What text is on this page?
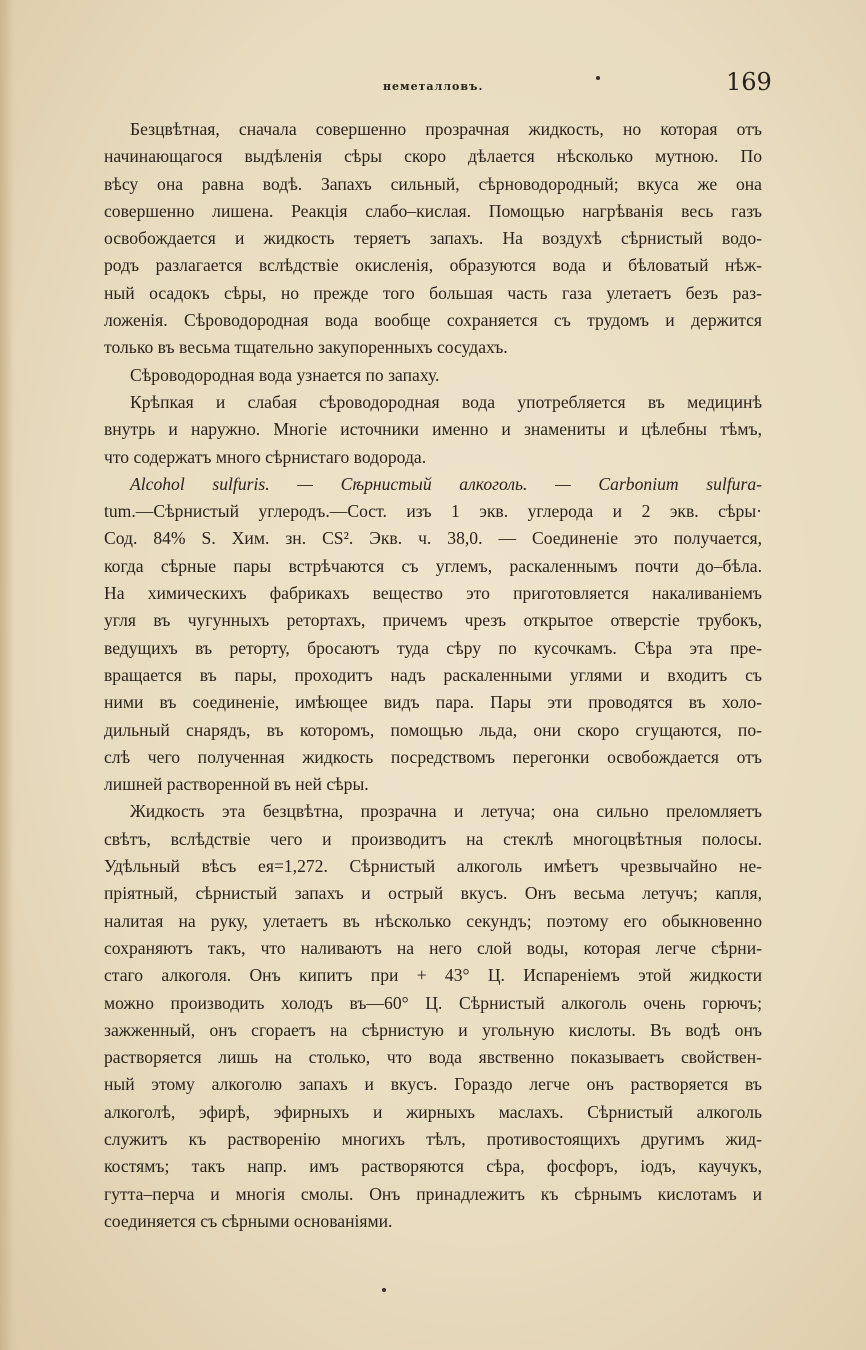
неметалловъ.	169
Безцвѣтная, сначала совершенно прозрачная жидкость, но которая отъ
начинающагося выдѣленія сѣры скоро дѣлается нѣсколько мутною. По
вѣсу она равна водѣ. Запахъ сильный, сѣрноводородный; вкуса же она
совершенно лишена. Реакція слабо–кислая. Помощью нагрѣванія весь газъ
освобождается и жидкость теряетъ запахъ. На воздухѣ сѣрнистый водо-
родъ разлагается вслѣдствіе окисленія, образуются вода и бѣловатый нѣж-
ный осадокъ сѣры, но прежде того большая часть газа улетаетъ безъ раз-
ложенія. Сѣроводородная вода вообще сохраняется съ трудомъ и держится
только въ весьма тщательно закупоренныхъ сосудахъ.
Сѣроводородная вода узнается по запаху.
Крѣпкая и слабая сѣроводородная вода употребляется въ медицинѣ
внутрь и наружно. Многіе источники именно и знамениты и цѣлебны тѣмъ,
что содержатъ много сѣрнистаго водорода.
Alcohol sulfuris. — Сѣрнистый алкоголь. — Carbonium sulfura-
tum.—Сѣрнистый углеродъ.—Сост. изъ 1 экв. углерода и 2 экв. сѣры·
Сод. 84% S. Хим. зн. CS². Экв. ч. 38,0. — Соединеніе это получается,
когда сѣрные пары встрѣчаются съ углемъ, раскаленнымъ почти до–бѣла.
На химическихъ фабрикахъ вещество это приготовляется накаливаніемъ
угля въ чугунныхъ ретортахъ, причемъ чрезъ открытое отверстіе трубокъ,
ведущихъ въ реторту, бросаютъ туда сѣру по кусочкамъ. Сѣра эта пре-
вращается въ пары, проходитъ надъ раскаленными углями и входитъ съ
ними въ соединеніе, имѣющее видъ пара. Пары эти проводятся въ холо-
дильный снарядъ, въ которомъ, помощью льда, они скоро сгущаются, по-
слѣ чего полученная жидкость посредствомъ перегонки освобождается отъ
лишней растворенной въ ней сѣры.
Жидкость эта безцвѣтна, прозрачна и летуча; она сильно преломляетъ
свѣтъ, вслѣдствіе чего и производитъ на стеклѣ многоцвѣтныя полосы.
Удѣльный вѣсъ ея=1,272. Сѣрнистый алкоголь имѣетъ чрезвычайно не-
пріятный, сѣрнистый запахъ и острый вкусъ. Онъ весьма летучъ; капля,
налитая на руку, улетаетъ въ нѣсколько секундъ; поэтому его обыкновенно
сохраняютъ такъ, что наливаютъ на него слой воды, которая легче сѣрни-
стаго алкоголя. Онъ кипитъ при + 43° Ц. Испареніемъ этой жидкости
можно производить холодъ въ—60° Ц. Сѣрнистый алкоголь очень горючъ;
зажженный, онъ сгораетъ на сѣрнистую и угольную кислоты. Въ водѣ онъ
растворяется лишь на столько, что вода явственно показываетъ свойствен-
ный этому алкоголю запахъ и вкусъ. Гораздо легче онъ растворяется въ
алкоголѣ, эфирѣ, эфирныхъ и жирныхъ маслахъ. Сѣрнистый алкоголь
служитъ къ растворенію многихъ тѣлъ, противостоящихъ другимъ жид-
костямъ; такъ напр. имъ растворяются сѣра, фосфоръ, іодъ, каучукъ,
гутта–перча и многія смолы. Онъ принадлежитъ къ сѣрнымъ кислотамъ и
соединяется съ сѣрными основаніями.
